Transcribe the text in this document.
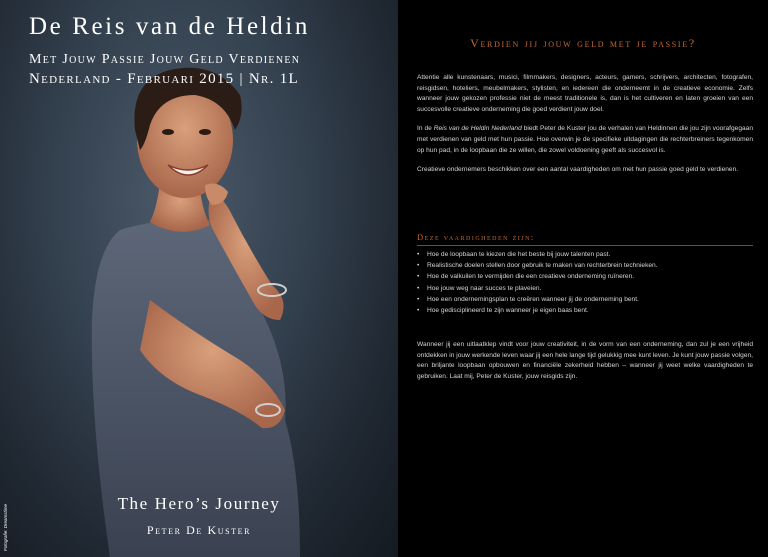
De Reis van de Heldin
Met Jouw Passie Jouw Geld Verdienen
Nederland - Februari 2015 | Nr. 1L
The Hero’s Journey
Peter De Kuster
Fotografie: Dreamstime
Verdien jij jouw geld met je passie?

Attentie alle kunstenaars, musici, filmmakers, designers, acteurs, gamers, schrijvers, architecten, fotografen, reisgidsen, hoteliers, meubelmakers, stylisten, en iedereen die onderneemt in de creatieve economie. Zelfs wanneer jouw gekozen professie niet de meest traditionele is, dan is het cultiveren en laten groeien van een succesvolle creatieve onderneming die goed verdient jouw doel.

In de Reis van de Heldin Nederland biedt Peter de Kuster jou de verhalen van Heldinnen die jou zijn voorafgegaan met verdienen van geld met hun passie. Hoe overwin je de specifieke uitdagingen die rechterbreiners tegenkomen op hun pad, in de loopbaan die ze willen, die zowel voldoening geeft als succesvol is.

Creatieve ondernemers beschikken over een aantal vaardigheden om met hun passie goed geld te verdienen.

Deze vaardigheden zijn:
• Hoe de loopbaan te kiezen die het beste bij jouw talenten past.
• Realistische doelen stellen door gebruik te maken van rechterbrein technieken.
• Hoe de valkuilen te vermijden die een creatieve onderneming ruïneren.
• Hoe jouw weg naar succes te plaveien.
• Hoe een ondernemingsplan te creëren wanneer jij de onderneming bent.
• Hoe gedisciplineerd te zijn wanneer je eigen baas bent.

Wanneer jij een uitlaatklep vindt voor jouw creativiteit, in de vorm van een onderneming, dan zul je een vrijheid ontdekken in jouw werkende leven waar jij een hele lange tijd gelukkig mee kunt leven. Je kunt jouw passie volgen, een briljante loopbaan opbouwen en financiële zekerheid hebben – wanneer jij weet welke vaardigheden te gebruiken. Laat mij, Peter de Kuster, jouw reisgids zijn.
